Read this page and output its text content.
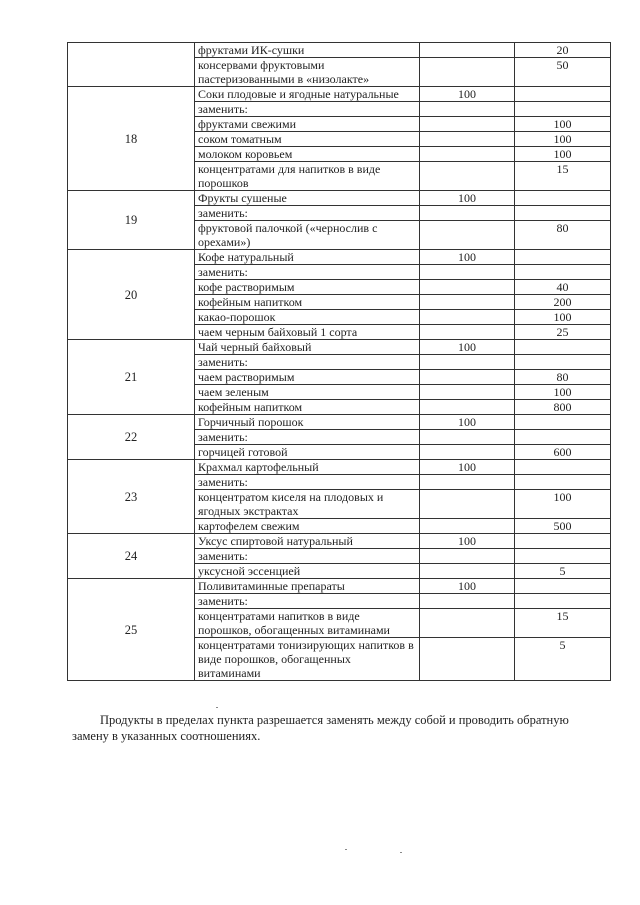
	фруктами ИК-сушки		20
	консервами фруктовыми пастеризованными в «низолакте»		50
18	Соки плодовые и ягодные натуральные	100	
	заменить:		
	фруктами свежими		100
	соком томатным		100
	молоком коровьем		100
	концентратами для напитков в виде порошков		15
19	Фрукты сушеные	100	
	заменить:		
	фруктовой палочкой («чернослив с орехами»)		80
20	Кофе натуральный	100	
	заменить:		
	кофе растворимым		40
	кофейным напитком		200
	какао-порошок		100
	чаем черным байховый 1 сорта		25
21	Чай черный байховый	100	
	заменить:		
	чаем растворимым		80
	чаем зеленым		100
	кофейным напитком		800
22	Горчичный порошок	100	
	заменить:		
	горчицей готовой		600
23	Крахмал картофельный	100	
	заменить:		
	концентратом киселя на плодовых и ягодных экстрактах		100
	картофелем свежим		500
24	Уксус спиртовой натуральный	100	
	заменить:		
	уксусной эссенцией		5
25	Поливитаминные препараты	100	
	заменить:		
	концентратами напитков в виде порошков, обогащенных витаминами		15
	концентратами тонизирующих напитков в виде порошков, обогащенных витаминами		5

Продукты в пределах пункта разрешается заменять между собой и проводить обратную замену в указанных соотношениях.
